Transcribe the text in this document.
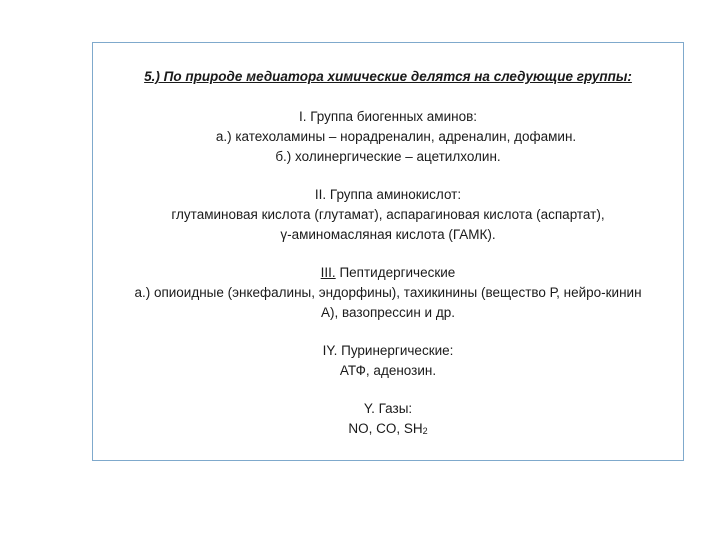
5.) По природе медиатора химические делятся на следующие группы:
I. Группа биогенных аминов:
а.) катехоламины – норадреналин, адреналин, дофамин.
б.) холинергические – ацетилхолин.
II. Группа аминокислот:
глутаминовая кислота (глутамат), аспарагиновая кислота (аспартат),
γ-аминомасляная кислота (ГАМК).
III. Пептидергические
а.) опиоидные (энкефалины, эндорфины), тахикинины (вещество Р, нейро-кинин А), вазопрессин и др.
IY. Пуринергические:
АТФ, аденозин.
Y. Газы:
NO, CO, $SH_2$
